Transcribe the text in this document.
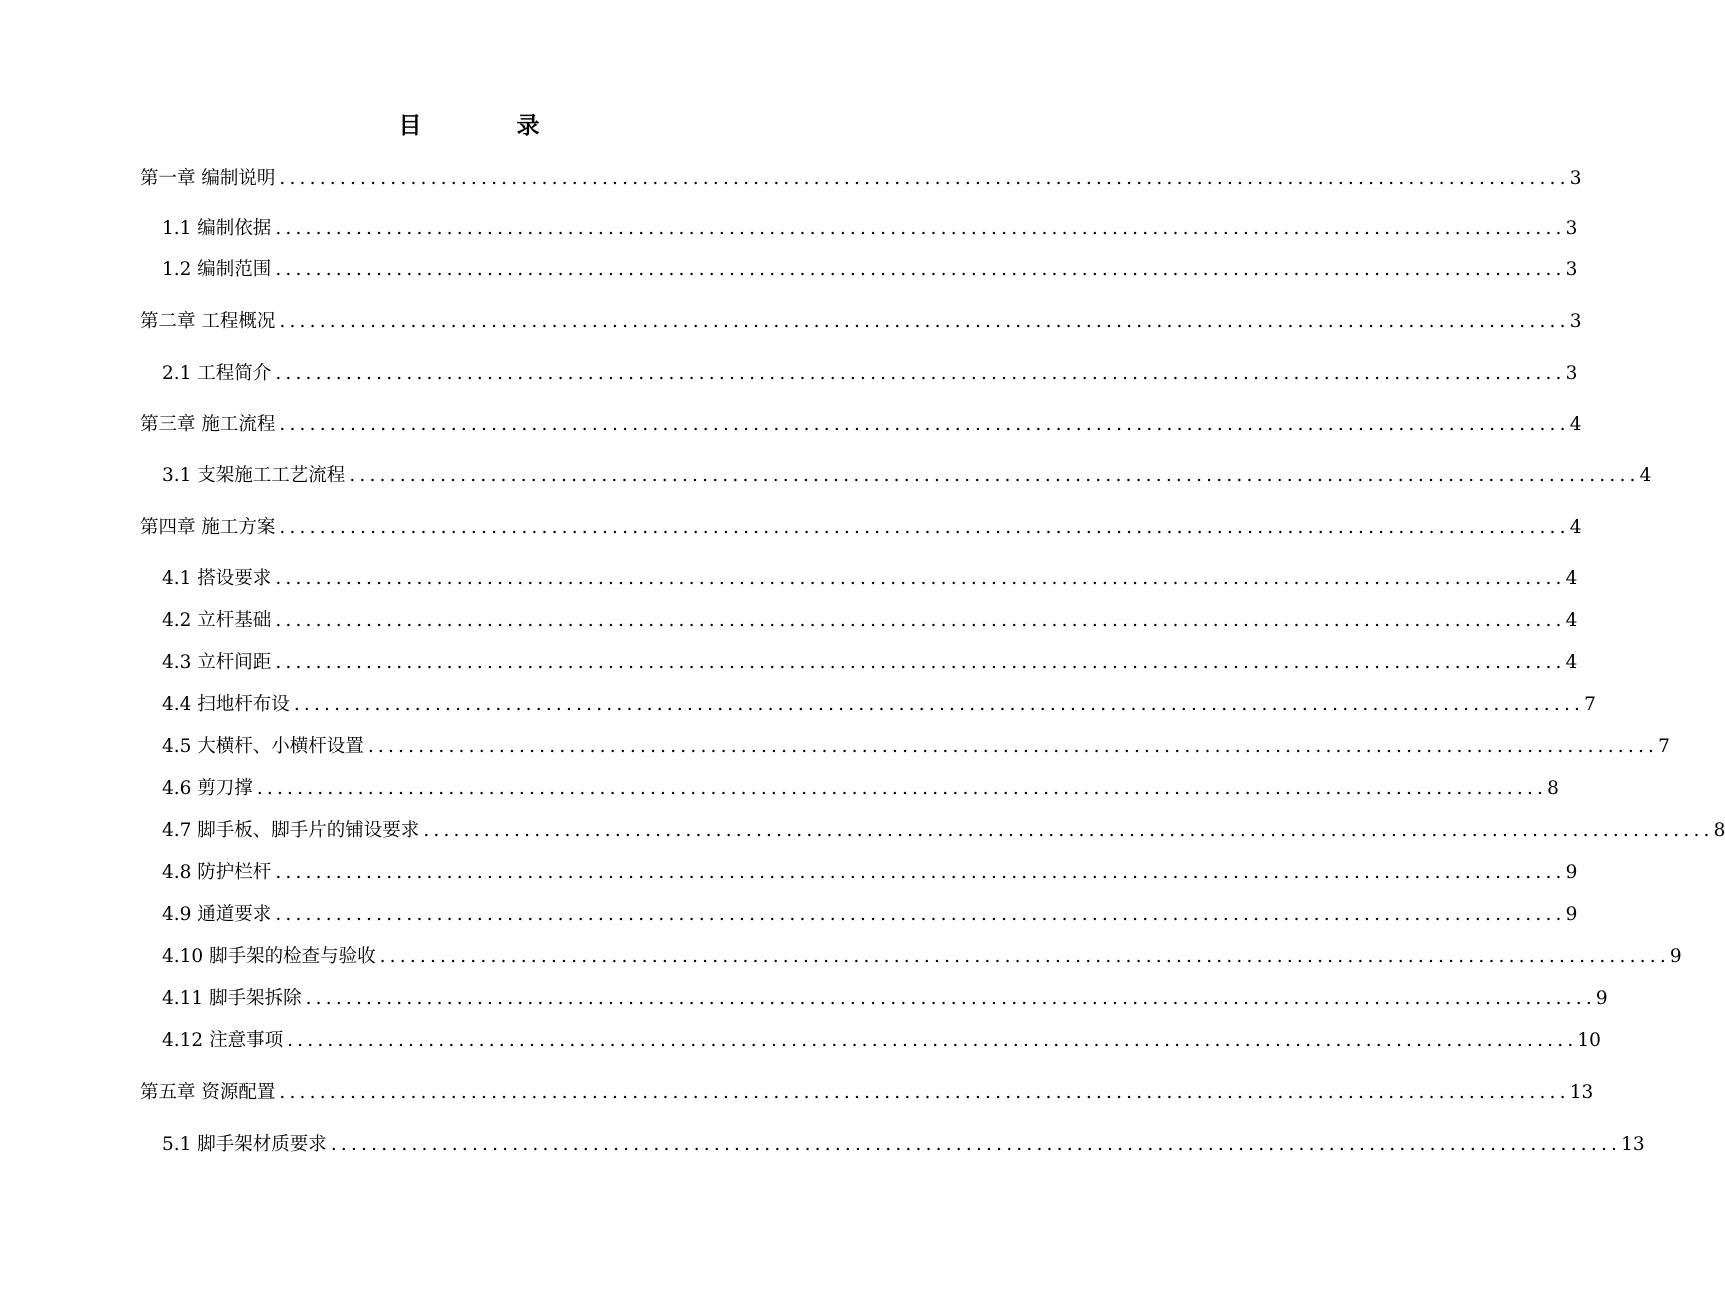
目　录
第一章 编制说明 ................................................................................................................................ 3
1.1 编制依据 ................................................................................................................................ 3
1.2 编制范围 ................................................................................................................................ 3
第二章 工程概况 ................................................................................................................................ 3
2.1 工程简介 ................................................................................................................................ 3
第三章 施工流程 ................................................................................................................................ 4
3.1 支架施工工艺流程 ................................................................................................................................ 4
第四章 施工方案 ................................................................................................................................ 4
4.1 搭设要求 ................................................................................................................................ 4
4.2 立杆基础 ................................................................................................................................ 4
4.3 立杆间距 ................................................................................................................................ 4
4.4 扫地杆布设 ................................................................................................................................ 7
4.5 大横杆、小横杆设置 ................................................................................................................................ 7
4.6 剪刀撑 ................................................................................................................................ 8
4.7 脚手板、脚手片的铺设要求 ................................................................................................................................ 8
4.8 防护栏杆 ................................................................................................................................ 9
4.9 通道要求 ................................................................................................................................ 9
4.10 脚手架的检查与验收 ................................................................................................................................ 9
4.11 脚手架拆除 ................................................................................................................................ 9
4.12 注意事项 ................................................................................................................................ 10
第五章 资源配置 ................................................................................................................................ 13
5.1 脚手架材质要求 ................................................................................................................................ 13
